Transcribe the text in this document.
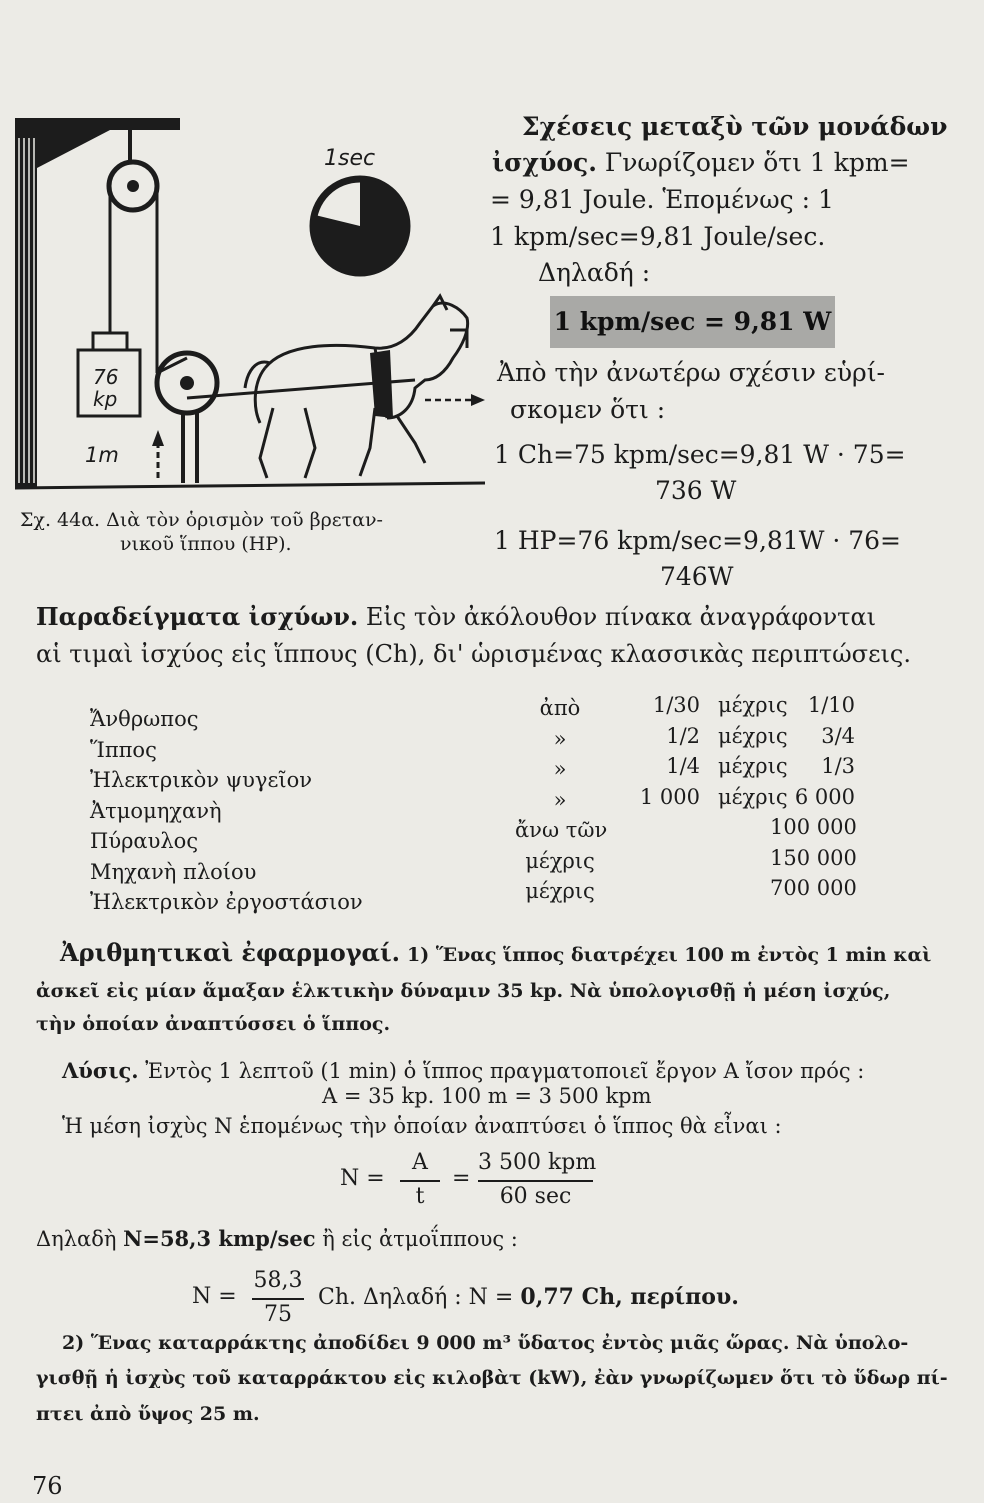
1sec
76
kp
1m
Σχ. 44α. Διὰ τὸν ὁρισμὸν τοῦ βρεταν-
νικοῦ ἵππου (ΗΡ).
Σχέσεις μεταξὺ τῶν μονάδων
ἰσχύος. Γνωρίζομεν ὅτι 1 kpm=
= 9,81 Joule. Ἑπομένως : 1
1 kpm/sec=9,81 Joule/sec.
Δηλαδή :
1 kpm/sec = 9,81 W
Ἀπὸ τὴν ἀνωτέρω σχέσιν εὑρί-
σκομεν ὅτι :
1 Ch=75 kpm/sec=9,81 W · 75=
736 W
1 HP=76 kpm/sec=9,81W · 76=
746W
Παραδείγματα ἰσχύων. Εἰς τὸν ἀκόλουθον πίνακα ἀναγράφονται
αἱ τιμαὶ ἰσχύος εἰς ἵππους (Ch), δι' ὡρισμένας κλασσικὰς περιπτώσεις.
Ἄνθρωπος
Ἵππος
Ἠλεκτρικὸν ψυγεῖον
Ἀτμομηχανὴ
Πύραυλος
Μηχανὴ πλοίου
Ἠλεκτρικὸν ἐργοστάσιον
ἀπὸ
»
»
»
ἄνω τῶν
μέχρις
μέχρις
1/30
1/2
1/4
1 000
μέχρις
μέχρις
μέχρις
μέχρις
1/10
3/4
1/3
6 000
100 000
150 000
700 000
Ἀριθμητικαὶ ἐφαρμογαί. 1) Ἕνας ἵππος διατρέχει 100 m ἐντὸς 1 min καὶ
ἀσκεῖ εἰς μίαν ἅμαξαν ἑλκτικὴν δύναμιν 35 kp. Νὰ ὑπολογισθῇ ἡ μέση ἰσχύς,
τὴν ὁποίαν ἀναπτύσσει ὁ ἵππος.
Λύσις. Ἐντὸς 1 λεπτοῦ (1 min) ὁ ἵππος πραγματοποιεῖ ἔργον Α ἴσον πρός :
A = 35 kp. 100 m = 3 500 kpm
Ἡ μέση ἰσχὺς Ν ἑπομένως τὴν ὁποίαν ἀναπτύσει ὁ ἵππος θὰ εἶναι :
N =
A
t
=
3 500 kpm
60 sec
Δηλαδὴ N=58,3 kmp/sec ἢ εἰς ἀτμοΐππους :
N =
58,3
75
Ch. Δηλαδή : N = 0,77 Ch, περίπου.
2) Ἕνας καταρράκτης ἀποδίδει 9 000 m³ ὕδατος ἐντὸς μιᾶς ὥρας. Νὰ ὑπολο-
γισθῇ ἡ ἰσχὺς τοῦ καταρράκτου εἰς κιλοβὰτ (kW), ἐὰν γνωρίζωμεν ὅτι τὸ ὕδωρ πί-
πτει ἀπὸ ὕψος 25 m.
76
